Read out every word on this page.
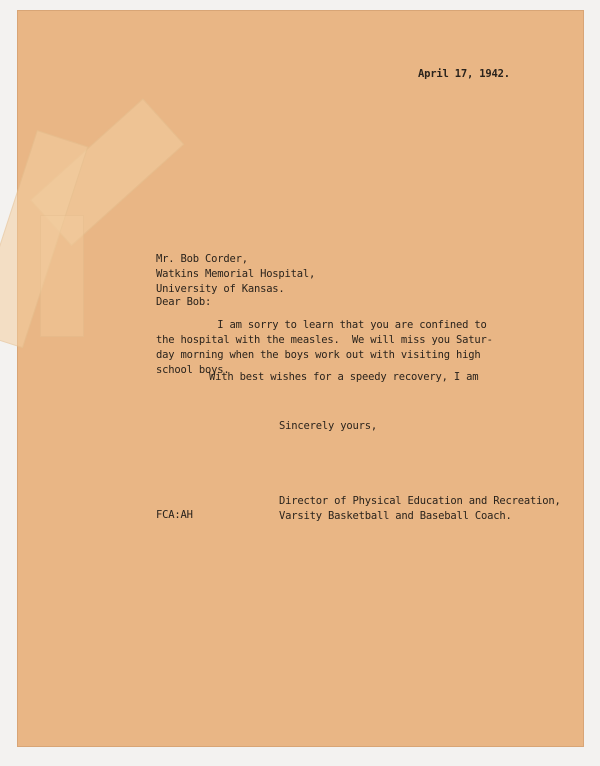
April 17, 1942.
Mr. Bob Corder,
Watkins Memorial Hospital,
University of Kansas.
Dear Bob:
I am sorry to learn that you are confined to
the hospital with the measles.  We will miss you Satur-
day morning when the boys work out with visiting high
school boys.
With best wishes for a speedy recovery, I am
Sincerely yours,
Director of Physical Education and Recreation,
Varsity Basketball and Baseball Coach.
FCA:AH
